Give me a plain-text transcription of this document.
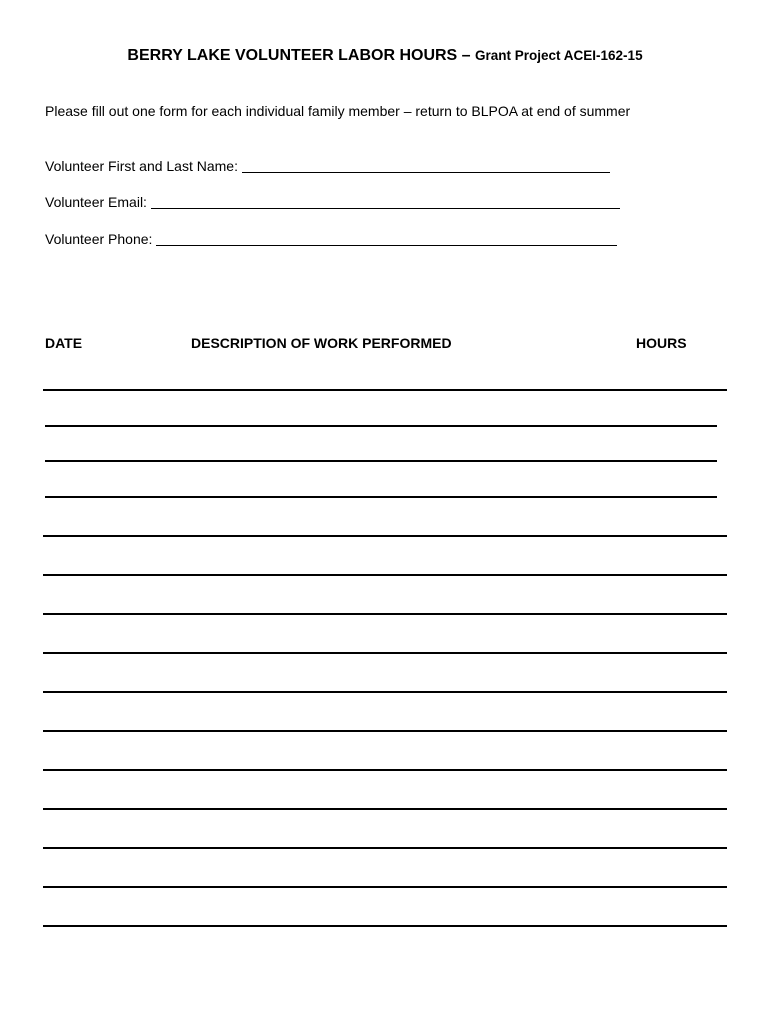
BERRY LAKE VOLUNTEER LABOR HOURS – Grant Project ACEI-162-15
Please fill out one form for each individual family member – return to BLPOA at end of summer
Volunteer First and Last Name:
Volunteer Email:
Volunteer Phone:
DATE	DESCRIPTION OF WORK PERFORMED	HOURS
